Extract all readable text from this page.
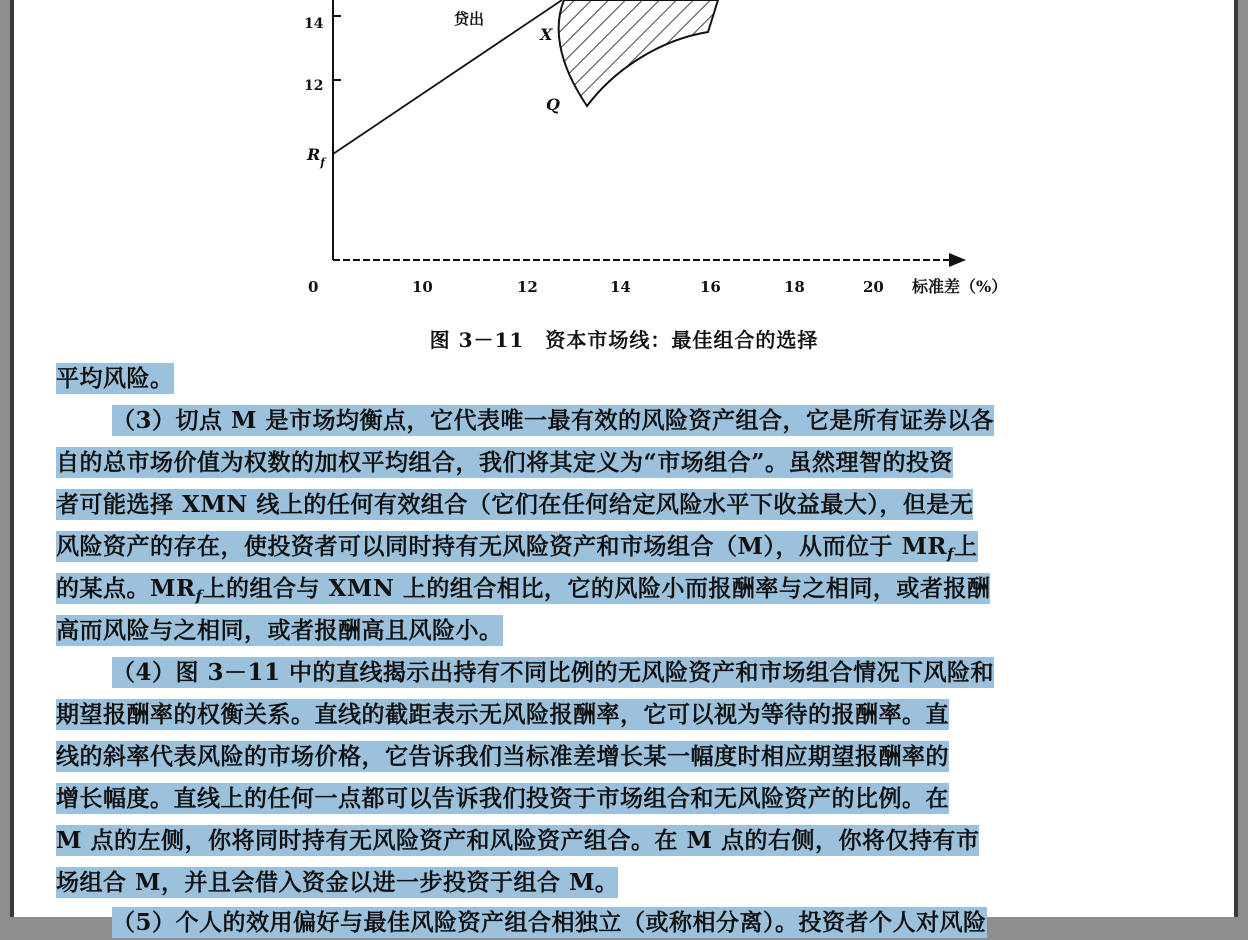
14
12
$R_f$
0	10	12	14	16	18	20 标准差（%）
贷出
X
Q
图 3－11　资本市场线：最佳组合的选择
平均风险。
（3）切点 M 是市场均衡点，它代表唯一最有效的风险资产组合，它是所有证券以各
自的总市场价值为权数的加权平均组合，我们将其定义为“市场组合”。虽然理智的投资
者可能选择 XMN 线上的任何有效组合（它们在任何给定风险水平下收益最大），但是无
风险资产的存在，使投资者可以同时持有无风险资产和市场组合（M），从而位于 $MR_f$上
的某点。$MR_f$上的组合与 XMN 上的组合相比，它的风险小而报酬率与之相同，或者报酬
高而风险与之相同，或者报酬高且风险小。
（4）图 3－11 中的直线揭示出持有不同比例的无风险资产和市场组合情况下风险和
期望报酬率的权衡关系。直线的截距表示无风险报酬率，它可以视为等待的报酬率。直
线的斜率代表风险的市场价格，它告诉我们当标准差增长某一幅度时相应期望报酬率的
增长幅度。直线上的任何一点都可以告诉我们投资于市场组合和无风险资产的比例。在
M 点的左侧，你将同时持有无风险资产和风险资产组合。在 M 点的右侧，你将仅持有市
场组合 M，并且会借入资金以进一步投资于组合 M。
（5）个人的效用偏好与最佳风险资产组合相独立（或称相分离）。投资者个人对风险
